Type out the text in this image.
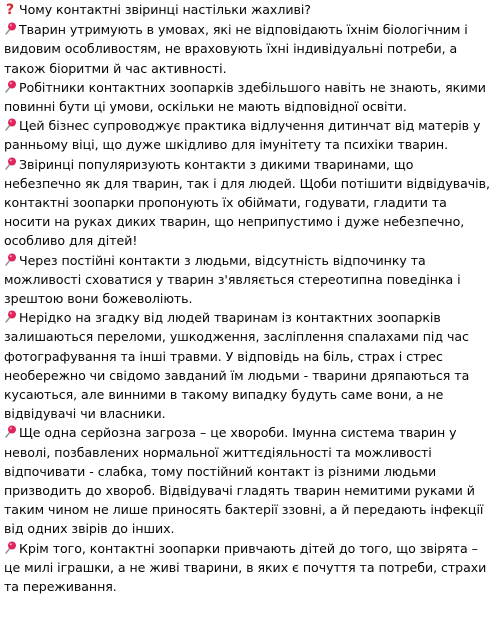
? Чому контактні звіринці настільки жахливі?

Тварин утримують в умовах, які не відповідають їхнім біологічним і видовим особливостям, не враховують їхні індивідуальні потреби, а також біоритми й час активності.

Робітники контактних зоопарків здебільшого навіть не знають, якими повинні бути ці умови, оскільки не мають відповідної освіти.

Цей бізнес супроводжує практика відлучення дитинчат від матерів у ранньому віці, що дуже шкідливо для імунітету та психіки тварин.

Звіринці популяризують контакти з дикими тваринами, що небезпечно як для тварин, так і для людей. Щоби потішити відвідувачів, контактні зоопарки пропонують їх обіймати, годувати, гладити та носити на руках диких тварин, що неприпустимо і дуже небезпечно, особливо для дітей!

Через постійні контакти з людьми, відсутність відпочинку та можливості сховатися у тварин з'являється стереотипна поведінка і зрештою вони божеволіють.

Нерідко на згадку від людей тваринам із контактних зоопарків залишаються переломи, ушкодження, засліплення спалахами під час фотографування та інші травми. У відповідь на біль, страх і стрес необережно чи свідомо завданий їм людьми - тварини дряпаються та кусаються, але винними в такому випадку будуть саме вони, а не відвідувачі чи власники.

Ще одна серйозна загроза – це хвороби. Імунна система тварин у неволі, позбавлених нормальної життєдіяльності та можливості відпочивати - слабка, тому постійний контакт із різними людьми призводить до хвороб. Відвідувачі гладять тварин немитими руками й таким чином не лише приносять бактерії ззовні, а й передають інфекції від одних звірів до інших.

Крім того, контактні зоопарки привчають дітей до того, що звірята – це милі іграшки, а не живі тварини, в яких є почуття та потреби, страхи та переживання.
